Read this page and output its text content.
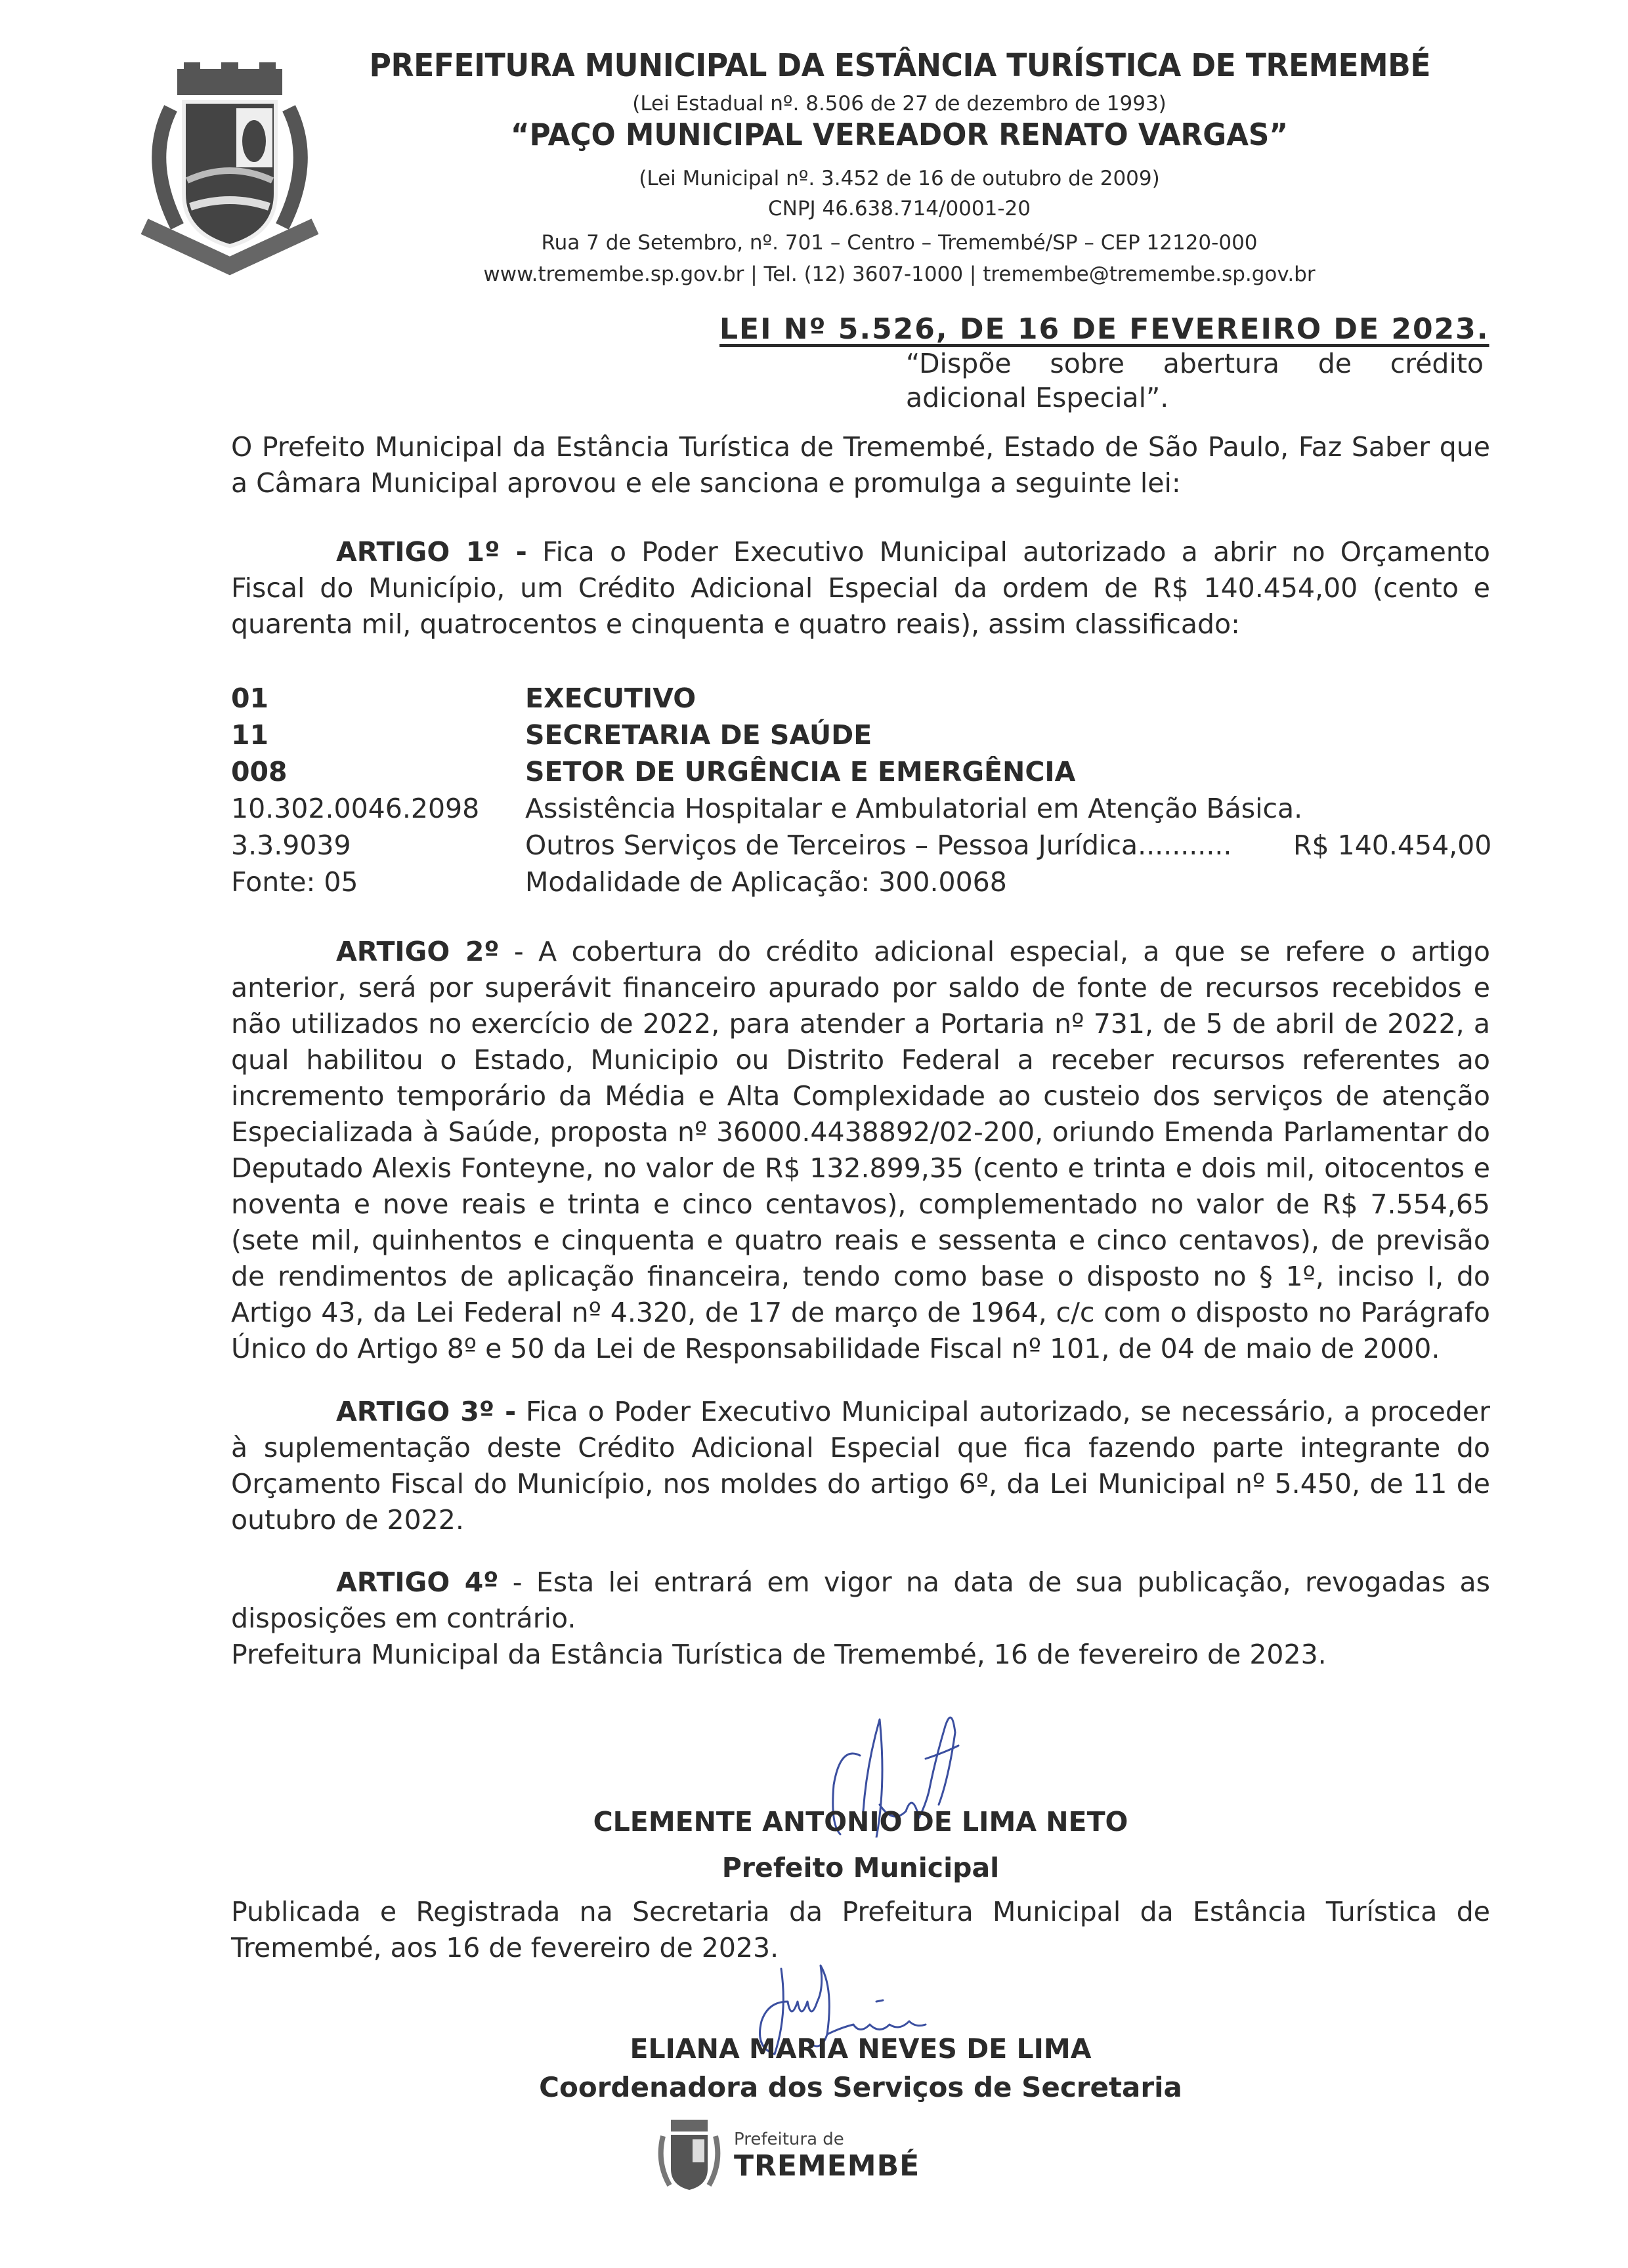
PREFEITURA MUNICIPAL DA ESTÂNCIA TURÍSTICA DE TREMEMBÉ
(Lei Estadual nº. 8.506 de 27 de dezembro de 1993)
“PAÇO MUNICIPAL VEREADOR RENATO VARGAS”
(Lei Municipal nº. 3.452 de 16 de outubro de 2009)
CNPJ 46.638.714/0001-20
Rua 7 de Setembro, nº. 701 – Centro – Tremembé/SP – CEP 12120-000
www.tremembe.sp.gov.br | Tel. (12) 3607-1000 | tremembe@tremembe.sp.gov.br
LEI Nº 5.526, DE 16 DE FEVEREIRO DE 2023.
“Dispõe sobre abertura de crédito
adicional Especial”.

O Prefeito Municipal da Estância Turística de Tremembé, Estado de São Paulo, Faz Saber que a Câmara Municipal aprovou e ele sanciona e promulga a seguinte lei:

ARTIGO 1º - Fica o Poder Executivo Municipal autorizado a abrir no Orçamento Fiscal do Município, um Crédito Adicional Especial da ordem de R$ 140.454,00 (cento e quarenta mil, quatrocentos e cinquenta e quatro reais), assim classificado:

01	EXECUTIVO
11	SECRETARIA DE SAÚDE
008	SETOR DE URGÊNCIA E EMERGÊNCIA
10.302.0046.2098	Assistência Hospitalar e Ambulatorial em Atenção Básica.
3.3.9039	Outros Serviços de Terceiros – Pessoa Jurídica...........	R$ 140.454,00
Fonte: 05	Modalidade de Aplicação: 300.0068

ARTIGO 2º - A cobertura do crédito adicional especial, a que se refere o artigo anterior, será por superávit financeiro apurado por saldo de fonte de recursos recebidos e não utilizados no exercício de 2022, para atender a Portaria nº 731, de 5 de abril de 2022, a qual habilitou o Estado, Municipio ou Distrito Federal a receber recursos referentes ao incremento temporário da Média e Alta Complexidade ao custeio dos serviços de atenção Especializada à Saúde, proposta nº 36000.4438892/02-200, oriundo Emenda Parlamentar do Deputado Alexis Fonteyne, no valor de R$ 132.899,35 (cento e trinta e dois mil, oitocentos e noventa e nove reais e trinta e cinco centavos), complementado no valor de R$ 7.554,65 (sete mil, quinhentos e cinquenta e quatro reais e sessenta e cinco centavos), de previsão de rendimentos de aplicação financeira, tendo como base o disposto no § 1º, inciso I, do Artigo 43, da Lei Federal nº 4.320, de 17 de março de 1964, c/c com o disposto no Parágrafo Único do Artigo 8º e 50 da Lei de Responsabilidade Fiscal nº 101, de 04 de maio de 2000.

ARTIGO 3º - Fica o Poder Executivo Municipal autorizado, se necessário, a proceder à suplementação deste Crédito Adicional Especial que fica fazendo parte integrante do Orçamento Fiscal do Município, nos moldes do artigo 6º, da Lei Municipal nº 5.450, de 11 de outubro de 2022.

ARTIGO 4º - Esta lei entrará em vigor na data de sua publicação, revogadas as disposições em contrário.

Prefeitura Municipal da Estância Turística de Tremembé, 16 de fevereiro de 2023.

CLEMENTE ANTONIO DE LIMA NETO
Prefeito Municipal

Publicada e Registrada na Secretaria da Prefeitura Municipal da Estância Turística de Tremembé, aos 16 de fevereiro de 2023.

ELIANA MARIA NEVES DE LIMA
Coordenadora dos Serviços de Secretaria
Prefeitura de
TREMEMBÉ
